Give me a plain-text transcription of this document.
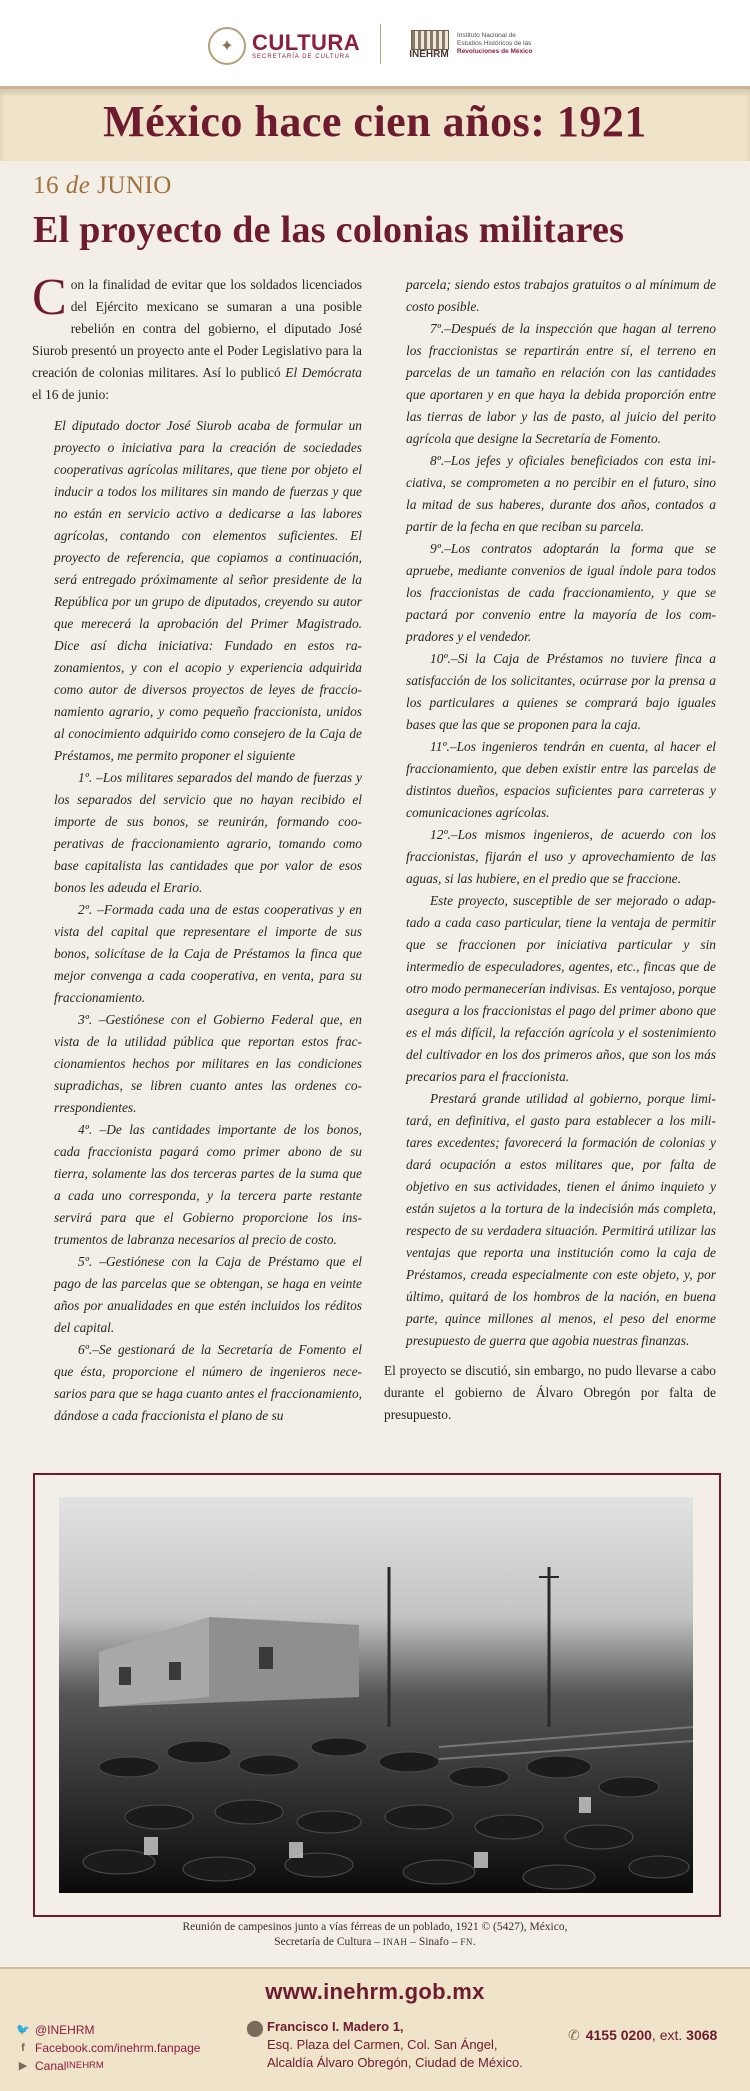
✦ CULTURA
SECRETARÍA DE CULTURA	INEHRM
Instituto Nacional de
Estudios Históricos de las
Revoluciones de México
México hace cien años: 1921
16 de JUNIO
El proyecto de las colonias militares

Con la finalidad de evitar que los soldados licenciados del Ejército mexicano se sumaran a una posible rebelión en contra del gobierno, el diputado José Siurob presentó un proyecto ante el Poder Legislativo para la creación de colonias militares. Así lo publicó El Demócrata el 16 de junio:

El diputado doctor José Siurob acaba de formular un proyecto o iniciativa para la creación de sociedades cooperativas agrícolas militares, que tiene por objeto el inducir a todos los militares sin mando de fuerzas y que no están en servicio activo a dedicarse a las labores agrícolas, contando con elementos suficientes. El proyecto de referencia, que copiamos a continuación, será entregado próximamente al señor presidente de la República por un grupo de diputados, creyendo su autor que merecerá la aprobación del Primer Magistrado. Dice así dicha iniciativa: Fundado en estos razonamientos, y con el acopio y experiencia adquirida como autor de diversos proyectos de leyes de fraccionamiento agrario, y como pequeño fraccionista, unidos al conocimiento adquirido como consejero de la Caja de Préstamos, me permito proponer el siguiente

1º. –Los militares separados del mando de fuerzas y los separados del servicio que no hayan recibido el importe de sus bonos, se reunirán, formando cooperativas de fraccionamiento agrario, tomando como base capitalista las cantidades que por valor de esos bonos les adeuda el Erario.

2º. –Formada cada una de estas cooperativas y en vista del capital que representare el importe de sus bonos, solicítase de la Caja de Préstamos la finca que mejor convenga a cada cooperativa, en venta, para su fraccionamiento.

3º. –Gestiónese con el Gobierno Federal que, en vista de la utilidad pública que reportan estos fraccionamientos hechos por militares en las condiciones supradichas, se libren cuanto antes las ordenes correspondientes.

4º. –De las cantidades importante de los bonos, cada fraccionista pagará como primer abono de su tierra, solamente las dos terceras partes de la suma que a cada uno corresponda, y la tercera parte restante servirá para que el Gobierno proporcione los instrumentos de labranza necesarios al precio de costo.

5º. –Gestiónese con la Caja de Préstamo que el pago de las parcelas que se obtengan, se haga en veinte años por anualidades en que estén incluidos los réditos del capital.

6º.–Se gestionará de la Secretaría de Fomento el que ésta, proporcione el número de ingenieros necesarios para que se haga cuanto antes el fraccionamiento, dándose a cada fraccionista el plano de su

parcela; siendo estos trabajos gratuitos o al mínimum de costo posible.

7º.–Después de la inspección que hagan al terreno los fraccionistas se repartirán entre sí, el terreno en parcelas de un tamaño en relación con las cantidades que aportaren y en que haya la debida proporción entre las tierras de labor y las de pasto, al juicio del perito agrícola que designe la Secretaría de Fomento.

8º.–Los jefes y oficiales beneficiados con esta iniciativa, se comprometen a no percibir en el futuro, sino la mitad de sus haberes, durante dos años, contados a partir de la fecha en que reciban su parcela.

9º.–Los contratos adoptarán la forma que se apruebe, mediante convenios de igual índole para todos los fraccionistas de cada fraccionamiento, y que se pactará por convenio entre la mayoría de los compradores y el vendedor.

10º.–Si la Caja de Préstamos no tuviere finca a satisfacción de los solicitantes, ocúrrase por la prensa a los particulares a quienes se comprará bajo iguales bases que las que se proponen para la caja.

11º.–Los ingenieros tendrán en cuenta, al hacer el fraccionamiento, que deben existir entre las parcelas de distintos dueños, espacios suficientes para carreteras y comunicaciones agrícolas.

12º.–Los mismos ingenieros, de acuerdo con los fraccionistas, fijarán el uso y aprovechamiento de las aguas, si las hubiere, en el predio que se fraccione.

Este proyecto, susceptible de ser mejorado o adaptado a cada caso particular, tiene la ventaja de permitir que se fraccionen por iniciativa particular y sin intermedio de especuladores, agentes, etc., fincas que de otro modo permanecerían indivisas. Es ventajoso, porque asegura a los fraccionistas el pago del primer abono que es el más difícil, la refacción agrícola y el sostenimiento del cultivador en los dos primeros años, que son los más precarios para el fraccionista.

Prestará grande utilidad al gobierno, porque limitará, en definitiva, el gasto para establecer a los militares excedentes; favorecerá la formación de colonias y dará ocupación a estos militares que, por falta de objetivo en sus actividades, tienen el ánimo inquieto y están sujetos a la tortura de la indecisión más completa, respecto de su verdadera situación. Permitirá utilizar las ventajas que reporta una institución como la caja de Préstamos, creada especialmente con este objeto, y, por último, quitará de los hombros de la nación, en buena parte, quince millones al menos, el peso del enorme presupuesto de guerra que agobia nuestras finanzas.

El proyecto se discutió, sin embargo, no pudo llevarse a cabo durante el gobierno de Álvaro Obregón por falta de presupuesto.

Reunión de campesinos junto a vías férreas de un poblado, 1921 © (5427), México,
Secretaría de Cultura – INAH – Sinafo – FN.
www.inehrm.gob.mx
🐦 @INEHRM
f Facebook.com/inehrm.fanpage
▶ Canal INEHRM
⬤ Francisco I. Madero 1,
Esq. Plaza del Carmen, Col. San Ángel,
Alcaldía Álvaro Obregón, Ciudad de México.
✆ 4155 0200, ext. 3068
